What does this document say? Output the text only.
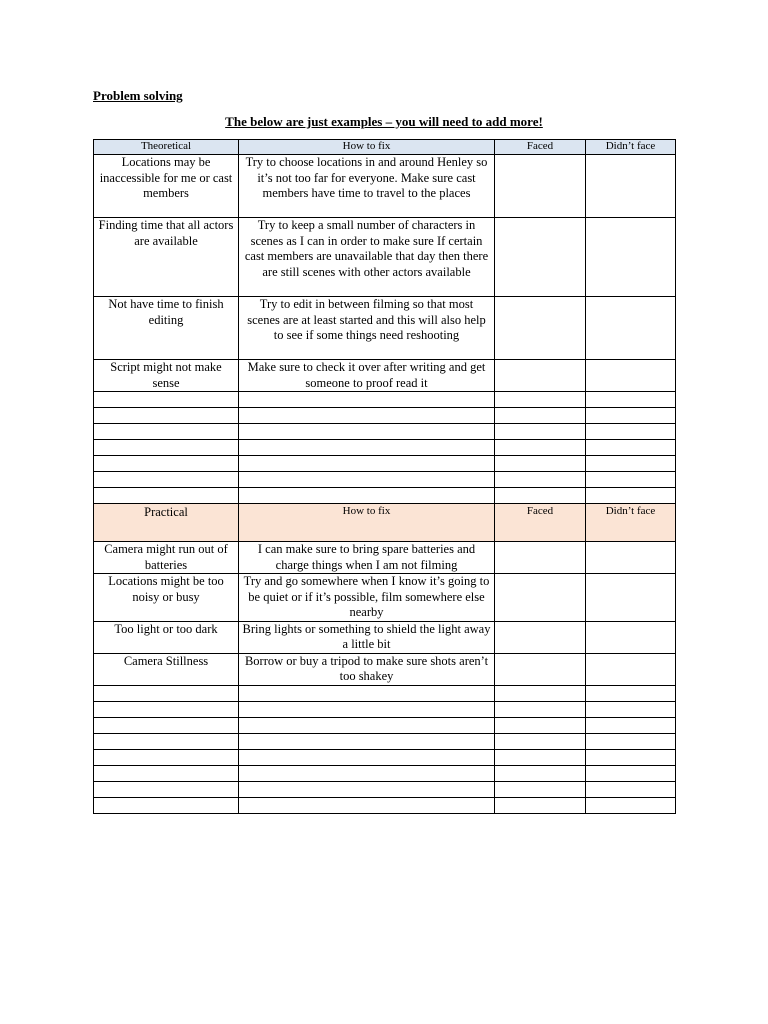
Problem solving
The below are just examples – you will need to add more!
Theoretical	How to fix	Faced	Didn’t face
Locations may be inaccessible for me or cast members	Try to choose locations in and around Henley so it’s not too far for everyone. Make sure cast members have time to travel to the places		
Finding time that all actors are available	Try to keep a small number of characters in scenes as I can in order to make sure If certain cast members are unavailable that day then there are still scenes with other actors available		
Not have time to finish editing	Try to edit in between filming so that most scenes are at least started and this will also help to see if some things need reshooting		
Script might not make sense	Make sure to check it over after writing and get someone to proof read it		

Practical	How to fix	Faced	Didn’t face
Camera might run out of batteries	I can make sure to bring spare batteries and charge things when I am not filming		
Locations might be too noisy or busy	Try and go somewhere when I know it’s going to be quiet or if it’s possible, film somewhere else nearby		
Too light or too dark	Bring lights or something to shield the light away a little bit		
Camera Stillness	Borrow or buy a tripod to make sure shots aren’t too shakey		
